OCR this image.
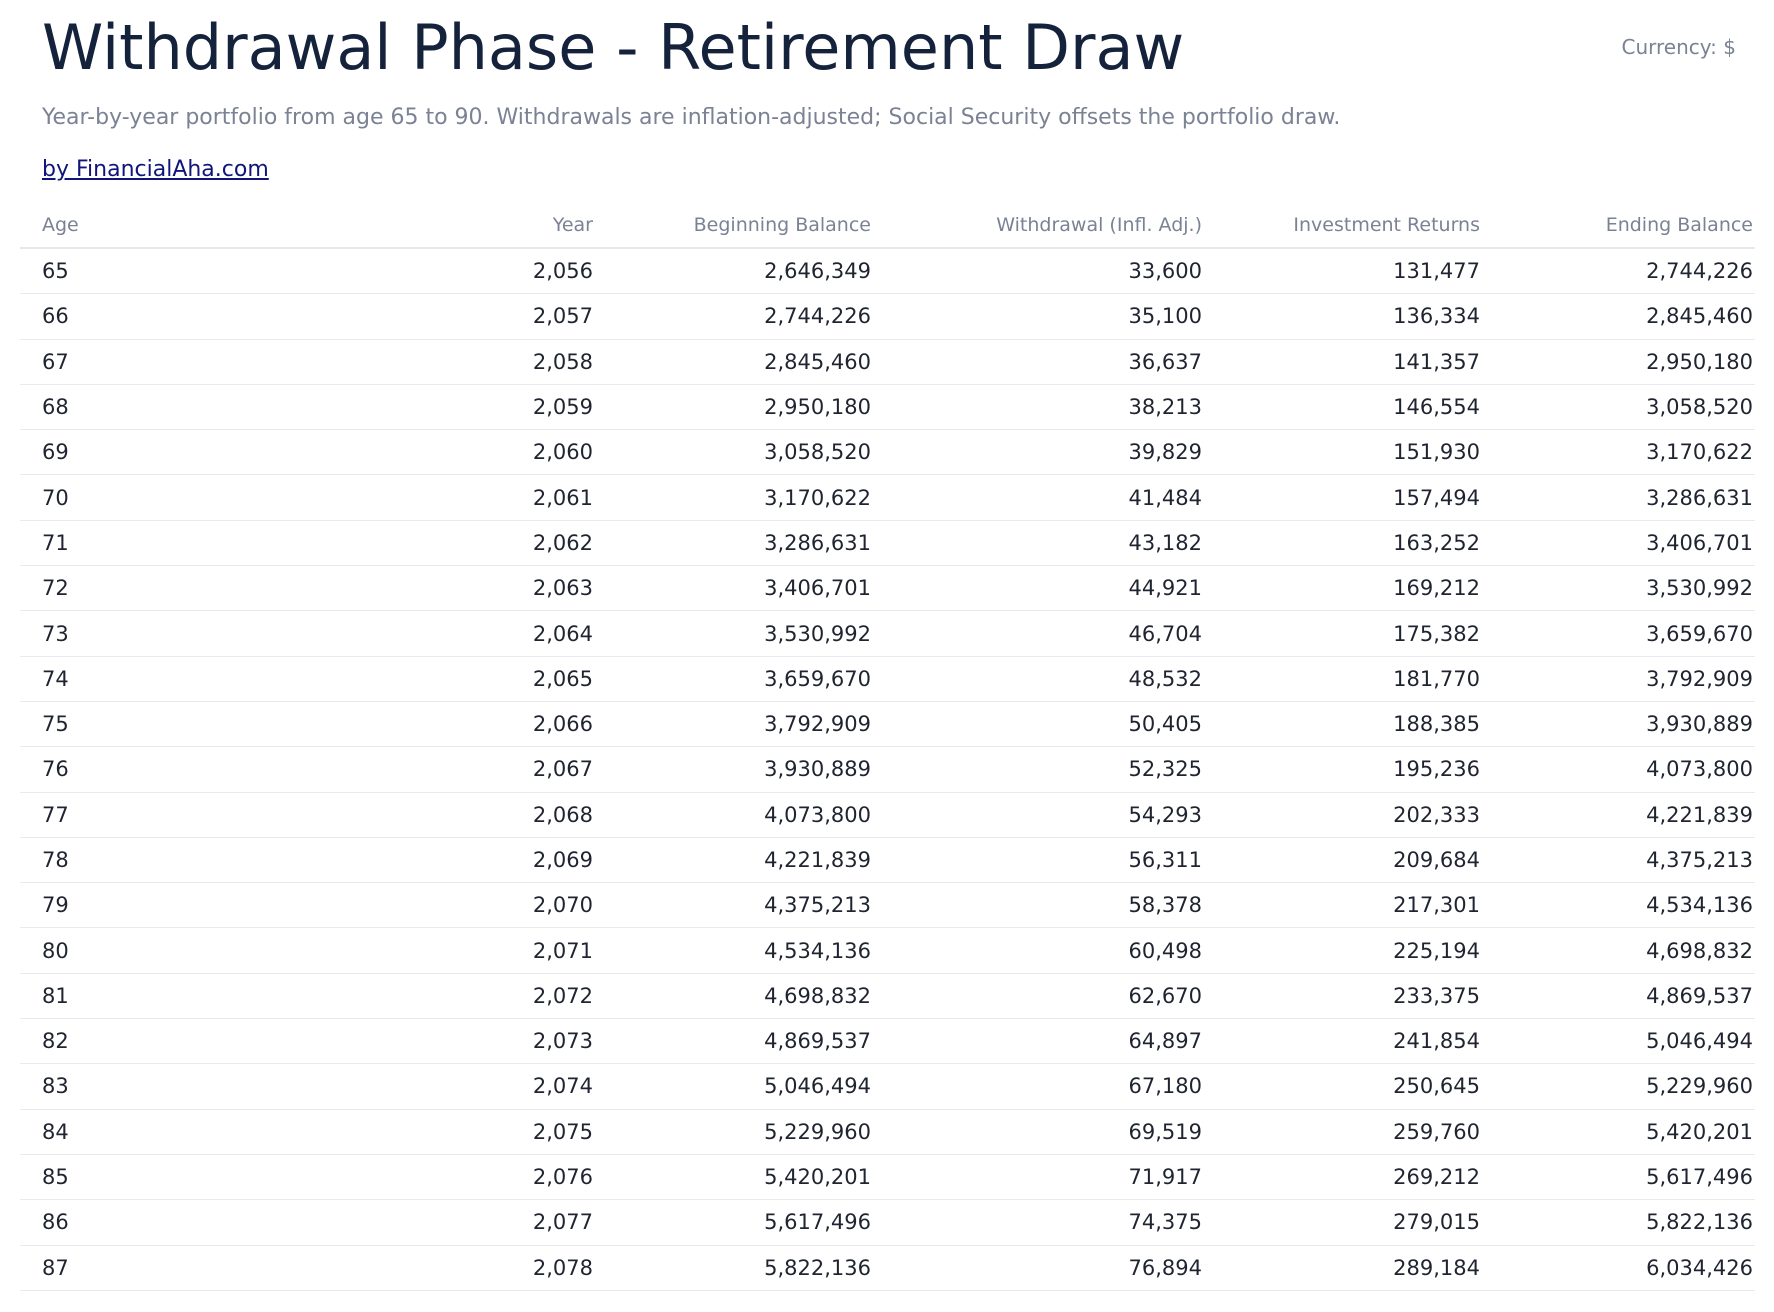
Withdrawal Phase - Retirement Draw	Currency: $

Year-by-year portfolio from age 65 to 90. Withdrawals are inflation-adjusted; Social Security offsets the portfolio draw.

by FinancialAha.com
Age	Year	Beginning Balance	Withdrawal (Infl. Adj.)	Investment Returns	Ending Balance
65	2,056	2,646,349	33,600	131,477	2,744,226
66	2,057	2,744,226	35,100	136,334	2,845,460
67	2,058	2,845,460	36,637	141,357	2,950,180
68	2,059	2,950,180	38,213	146,554	3,058,520
69	2,060	3,058,520	39,829	151,930	3,170,622
70	2,061	3,170,622	41,484	157,494	3,286,631
71	2,062	3,286,631	43,182	163,252	3,406,701
72	2,063	3,406,701	44,921	169,212	3,530,992
73	2,064	3,530,992	46,704	175,382	3,659,670
74	2,065	3,659,670	48,532	181,770	3,792,909
75	2,066	3,792,909	50,405	188,385	3,930,889
76	2,067	3,930,889	52,325	195,236	4,073,800
77	2,068	4,073,800	54,293	202,333	4,221,839
78	2,069	4,221,839	56,311	209,684	4,375,213
79	2,070	4,375,213	58,378	217,301	4,534,136
80	2,071	4,534,136	60,498	225,194	4,698,832
81	2,072	4,698,832	62,670	233,375	4,869,537
82	2,073	4,869,537	64,897	241,854	5,046,494
83	2,074	5,046,494	67,180	250,645	5,229,960
84	2,075	5,229,960	69,519	259,760	5,420,201
85	2,076	5,420,201	71,917	269,212	5,617,496
86	2,077	5,617,496	74,375	279,015	5,822,136
87	2,078	5,822,136	76,894	289,184	6,034,426
